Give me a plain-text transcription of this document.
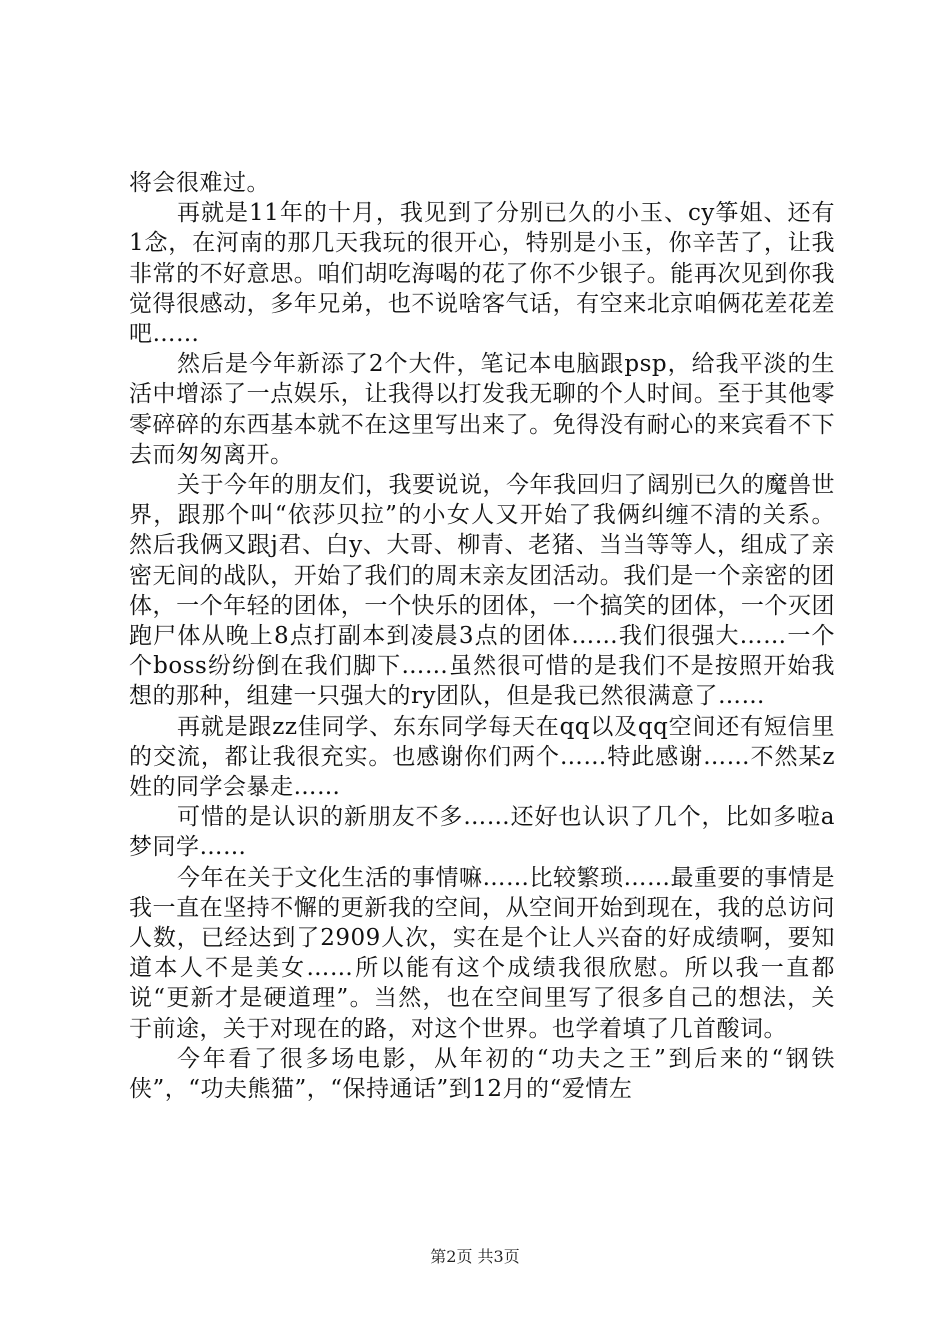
将会很难过。

再就是11年的十月，我见到了分别已久的小玉、cy筝姐、还有1念，在河南的那几天我玩的很开心，特别是小玉，你辛苦了，让我非常的不好意思。咱们胡吃海喝的花了你不少银子。能再次见到你我觉得很感动，多年兄弟，也不说啥客气话，有空来北京咱俩花差花差吧……

然后是今年新添了2个大件，笔记本电脑跟psp，给我平淡的生活中增添了一点娱乐，让我得以打发我无聊的个人时间。至于其他零零碎碎的东西基本就不在这里写出来了。免得没有耐心的来宾看不下去而匆匆离开。

关于今年的朋友们，我要说说，今年我回归了阔别已久的魔兽世界，跟那个叫“依莎贝拉”的小女人又开始了我俩纠缠不清的关系。然后我俩又跟j君、白y、大哥、柳青、老猪、当当等等人，组成了亲密无间的战队，开始了我们的周末亲友团活动。我们是一个亲密的团体，一个年轻的团体，一个快乐的团体，一个搞笑的团体，一个灭团跑尸体从晚上8点打副本到凌晨3点的团体……我们很强大……一个个boss纷纷倒在我们脚下……虽然很可惜的是我们不是按照开始我想的那种，组建一只强大的ry团队，但是我已然很满意了……

再就是跟zz佳同学、东东同学每天在qq以及qq空间还有短信里的交流，都让我很充实。也感谢你们两个……特此感谢……不然某z姓的同学会暴走……

可惜的是认识的新朋友不多……还好也认识了几个，比如多啦a梦同学……

今年在关于文化生活的事情嘛……比较繁琐……最重要的事情是我一直在坚持不懈的更新我的空间，从空间开始到现在，我的总访问人数，已经达到了2909人次，实在是个让人兴奋的好成绩啊，要知道本人不是美女……所以能有这个成绩我很欣慰。所以我一直都说“更新才是硬道理”。当然，也在空间里写了很多自己的想法，关于前途，关于对现在的路，对这个世界。也学着填了几首酸词。

今年看了很多场电影，从年初的“功夫之王”到后来的“钢铁侠”，“功夫熊猫”，“保持通话”到12月的“爱情左

第2页 共3页
